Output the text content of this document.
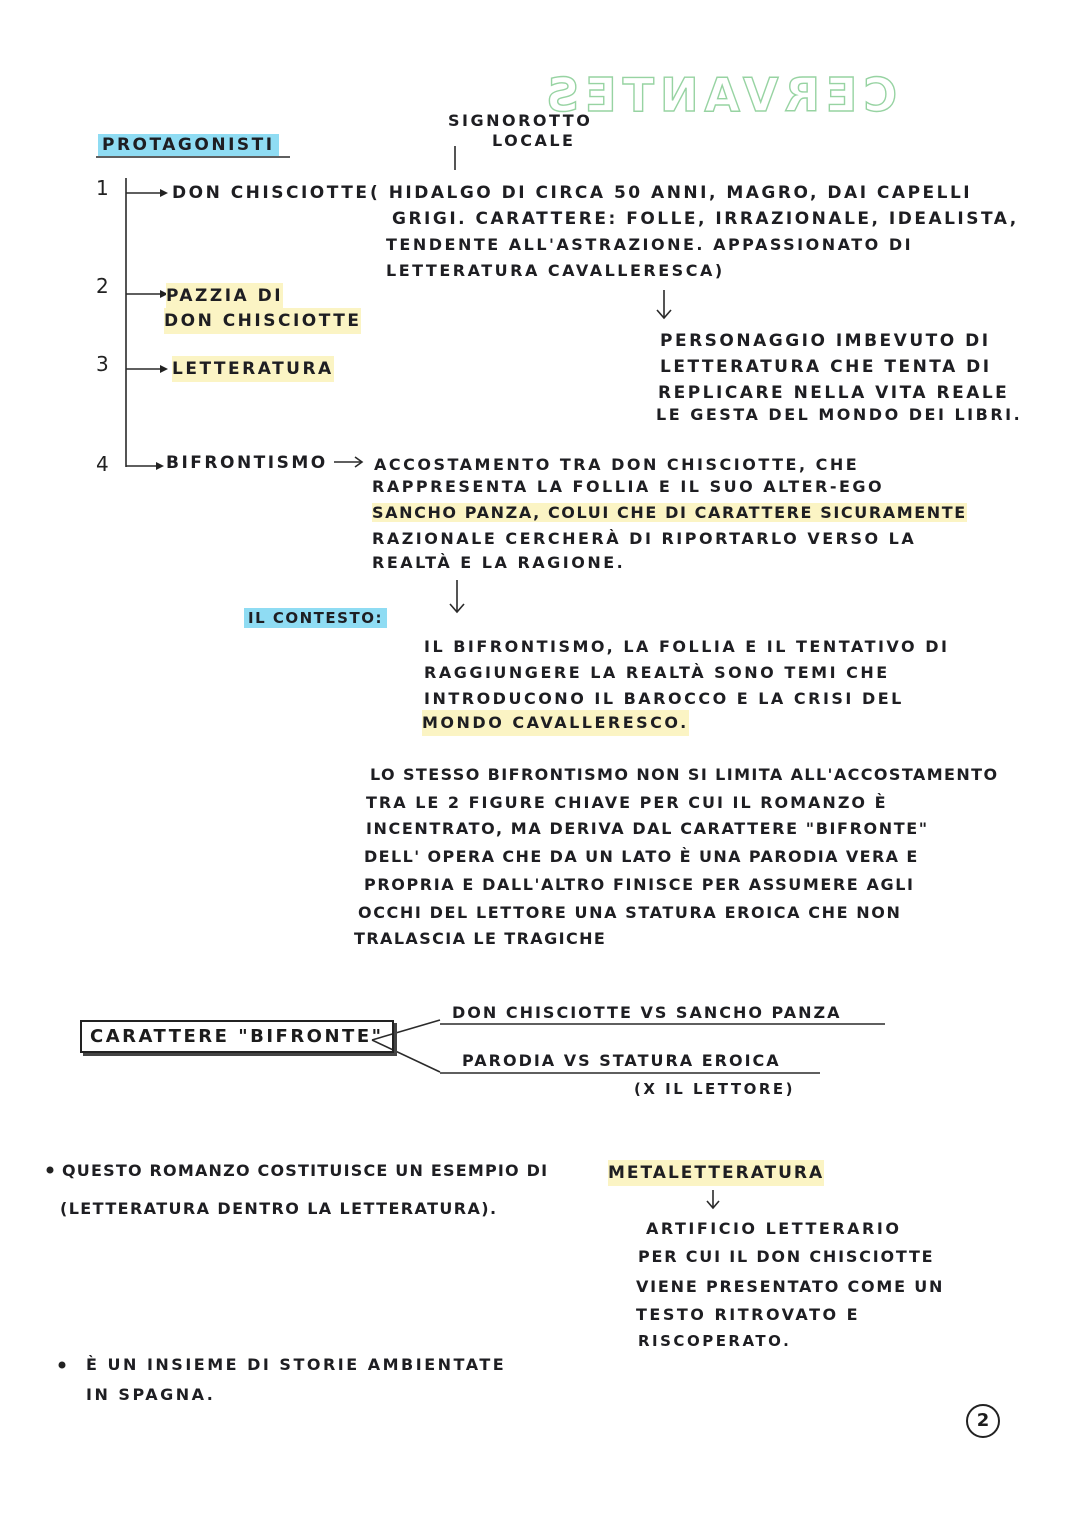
CERVANTES
PROTAGONISTI
SIGNOROTTO
LOCALE
1
2
3
4
DON CHISCIOTTE
PAZZIA DI
DON CHISCIOTTE
LETTERATURA
BIFRONTISMO
( HIDALGO DI CIRCA 50 ANNI, MAGRO, DAI CAPELLI
GRIGI. CARATTERE: FOLLE, IRRAZIONALE, IDEALISTA,
TENDENTE ALL'ASTRAZIONE. APPASSIONATO DI
LETTERATURA CAVALLERESCA)
PERSONAGGIO IMBEVUTO DI
LETTERATURA CHE TENTA DI
REPLICARE NELLA VITA REALE
LE GESTA DEL MONDO DEI LIBRI.
ACCOSTAMENTO TRA DON CHISCIOTTE, CHE
RAPPRESENTA LA FOLLIA E IL SUO ALTER-EGO
SANCHO PANZA, COLUI CHE DI CARATTERE SICURAMENTE
RAZIONALE CERCHERÀ DI RIPORTARLO VERSO LA
REALTÀ E LA RAGIONE.
IL CONTESTO:
IL BIFRONTISMO, LA FOLLIA E IL TENTATIVO DI
RAGGIUNGERE LA REALTÀ SONO TEMI CHE
INTRODUCONO IL BAROCCO E LA CRISI DEL
MONDO CAVALLERESCO.
LO STESSO BIFRONTISMO NON SI LIMITA ALL'ACCOSTAMENTO
TRA LE 2 FIGURE CHIAVE PER CUI IL ROMANZO È
INCENTRATO, MA DERIVA DAL CARATTERE "BIFRONTE"
DELL' OPERA CHE DA UN LATO È UNA PARODIA VERA E
PROPRIA E DALL'ALTRO FINISCE PER ASSUMERE AGLI
OCCHI DEL LETTORE UNA STATURA EROICA CHE NON
TRALASCIA LE TRAGICHE
CARATTERE "BIFRONTE"
DON CHISCIOTTE VS SANCHO PANZA
PARODIA VS STATURA EROICA
(X IL LETTORE)
QUESTO ROMANZO COSTITUISCE UN ESEMPIO DI	METALETTERATURA
(LETTERATURA DENTRO LA LETTERATURA).
ARTIFICIO LETTERARIO
PER CUI IL DON CHISCIOTTE
VIENE PRESENTATO COME UN
TESTO RITROVATO E
RISCOPERATO.
È UN INSIEME DI STORIE AMBIENTATE
IN SPAGNA.
2
